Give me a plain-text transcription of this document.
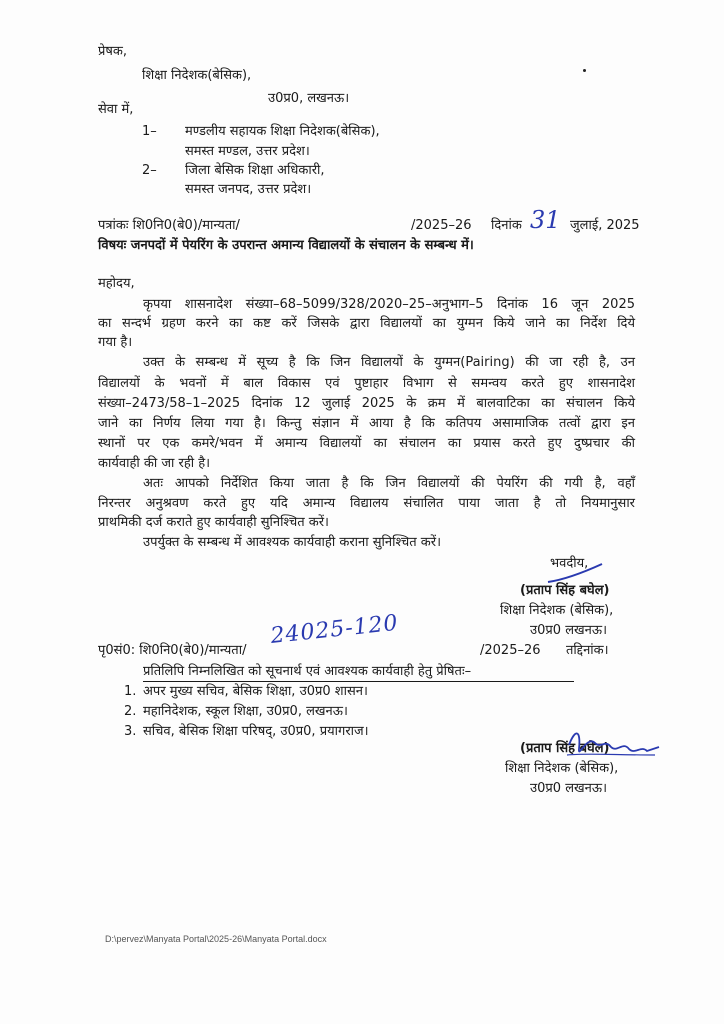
प्रेषक,
शिक्षा निदेशक(बेसिक),
उ0प्र0, लखनऊ।
सेवा में,
1– मण्डलीय सहायक शिक्षा निदेशक(बेसिक),
समस्त मण्डल, उत्तर प्रदेश।
2– जिला बेसिक शिक्षा अधिकारी,
समस्त जनपद, उत्तर प्रदेश।
पत्रांकः शि0नि0(बे0)/मान्यता/	/2025–26 दिनांक 31 जुलाई, 2025
विषयः जनपदों में पेयरिंग के उपरान्त अमान्य विद्यालयों के संचालन के सम्बन्ध में।
महोदय,
कृपया शासनादेश संख्या–68–5099/328/2020–25–अनुभाग–5 दिनांक 16 जून 2025
का सन्दर्भ ग्रहण करने का कष्ट करें जिसके द्वारा विद्यालयों का युग्मन किये जाने का निर्देश दिये
गया है।
उक्त के सम्बन्ध में सूच्य है कि जिन विद्यालयों के युग्मन(Pairing) की जा रही है, उन
विद्यालयों के भवनों में बाल विकास एवं पुष्टाहार विभाग से समन्वय करते हुए शासनादेश
संख्या–2473/58–1–2025 दिनांक 12 जुलाई 2025 के क्रम में बालवाटिका का संचालन किये
जाने का निर्णय लिया गया है। किन्तु संज्ञान में आया है कि कतिपय असामाजिक तत्वों द्वारा इन
स्थानों पर एक कमरे/भवन में अमान्य विद्यालयों का संचालन का प्रयास करते हुए दुष्प्रचार की
कार्यवाही की जा रही है।
अतः आपको निर्देशित किया जाता है कि जिन विद्यालयों की पेयरिंग की गयी है, वहाँ
निरन्तर अनुश्रवण करते हुए यदि अमान्य विद्यालय संचालित पाया जाता है तो नियमानुसार
प्राथमिकी दर्ज कराते हुए कार्यवाही सुनिश्चित करें।
उपर्युक्त के सम्बन्ध में आवश्यक कार्यवाही कराना सुनिश्चित करें।
भवदीय,
(प्रताप सिंह बघेल)
शिक्षा निदेशक (बेसिक),
उ0प्र0 लखनऊ।
पृ0सं0: शि0नि0(बे0)/मान्यता/
24025-120
/2025–26 तद्दिनांक।
प्रतिलिपि निम्नलिखित को सूचनार्थ एवं आवश्यक कार्यवाही हेतु प्रेषितः–
1. अपर मुख्य सचिव, बेसिक शिक्षा, उ0प्र0 शासन।
2. महानिदेशक, स्कूल शिक्षा, उ0प्र0, लखनऊ।
3. सचिव, बेसिक शिक्षा परिषद्, उ0प्र0, प्रयागराज।
(प्रताप सिंह बघेल)
शिक्षा निदेशक (बेसिक),
उ0प्र0 लखनऊ।
D:\pervez\Manyata Portal\2025-26\Manyata Portal.docx
